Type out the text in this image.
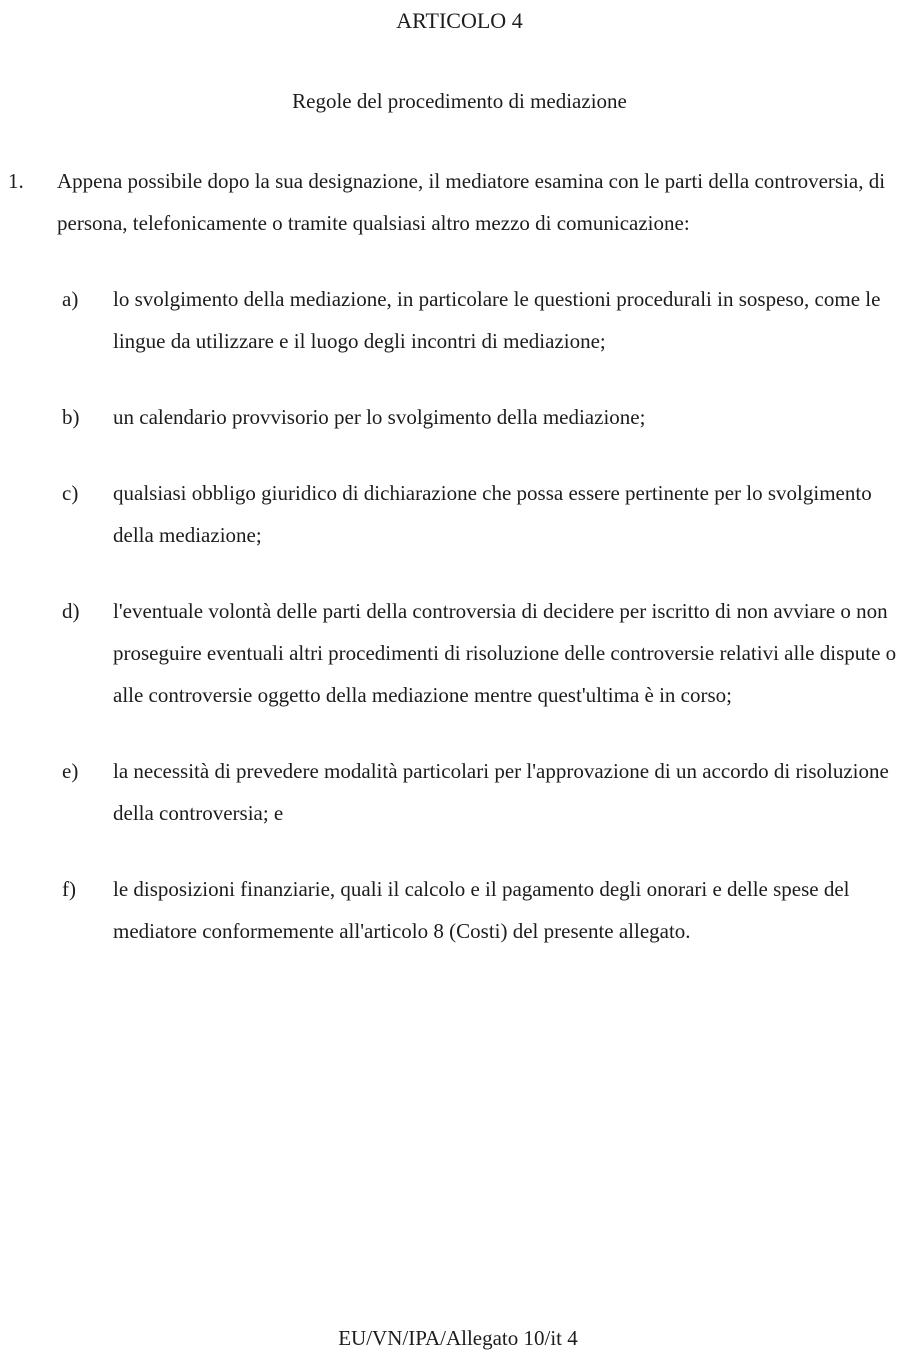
ARTICOLO 4
Regole del procedimento di mediazione
1.	Appena possibile dopo la sua designazione, il mediatore esamina con le parti della controversia, di persona, telefonicamente o tramite qualsiasi altro mezzo di comunicazione:
a)	lo svolgimento della mediazione, in particolare le questioni procedurali in sospeso, come le lingue da utilizzare e il luogo degli incontri di mediazione;
b)	un calendario provvisorio per lo svolgimento della mediazione;
c)	qualsiasi obbligo giuridico di dichiarazione che possa essere pertinente per lo svolgimento della mediazione;
d)	l'eventuale volontà delle parti della controversia di decidere per iscritto di non avviare o non proseguire eventuali altri procedimenti di risoluzione delle controversie relativi alle dispute o alle controversie oggetto della mediazione mentre quest'ultima è in corso;
e)	la necessità di prevedere modalità particolari per l'approvazione di un accordo di risoluzione della controversia; e
f)	le disposizioni finanziarie, quali il calcolo e il pagamento degli onorari e delle spese del mediatore conformemente all'articolo 8 (Costi) del presente allegato.
EU/VN/IPA/Allegato 10/it 4
